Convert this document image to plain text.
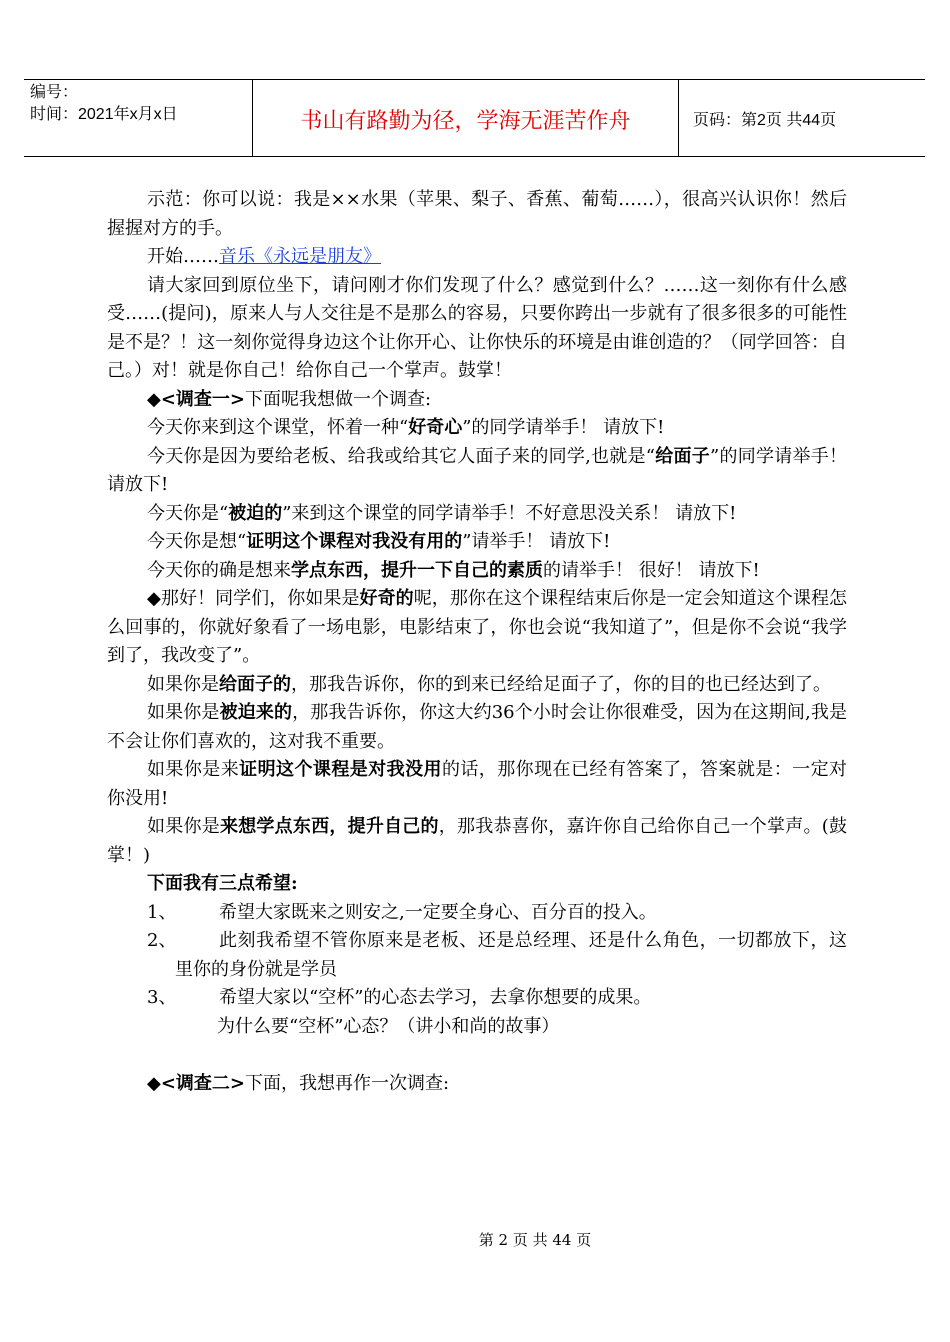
编号：
时间：2021年x月x日	书山有路勤为径，学海无涯苦作舟	页码：第2页 共44页

示范：你可以说：我是××水果（苹果、梨子、香蕉、葡萄……），很高兴认识你！然后握握对方的手。

开始……音乐《永远是朋友》

请大家回到原位坐下，请问刚才你们发现了什么？感觉到什么？……这一刻你有什么感受……(提问)，原来人与人交往是不是那么的容易，只要你跨出一步就有了很多很多的可能性是不是？！这一刻你觉得身边这个让你开心、让你快乐的环境是由谁创造的？（同学回答：自己。）对！就是你自己！给你自己一个掌声。鼓掌！

◆<调查一>下面呢我想做一个调查:

今天你来到这个课堂，怀着一种“好奇心”的同学请举手！ 请放下!

今天你是因为要给老板、给我或给其它人面子来的同学,也就是“给面子”的同学请举手！ 请放下!

今天你是“被迫的”来到这个课堂的同学请举手！不好意思没关系！ 请放下!

今天你是想“证明这个课程对我没有用的”请举手！ 请放下!

今天你的确是想来学点东西，提升一下自己的素质的请举手！ 很好！ 请放下!

◆那好！同学们，你如果是好奇的呢，那你在这个课程结束后你是一定会知道这个课程怎么回事的，你就好象看了一场电影，电影结束了，你也会说“我知道了”，但是你不会说“我学到了，我改变了”。

如果你是给面子的，那我告诉你，你的到来已经给足面子了，你的目的也已经达到了。

如果你是被迫来的，那我告诉你，你这大约36个小时会让你很难受，因为在这期间,我是不会让你们喜欢的，这对我不重要。

如果你是来证明这个课程是对我没用的话，那你现在已经有答案了，答案就是：一定对你没用!

如果你是来想学点东西，提升自己的，那我恭喜你，嘉许你自己给你自己一个掌声。(鼓掌！)

下面我有三点希望:

1、	希望大家既来之则安之,一定要全身心、百分百的投入。
2、	此刻我希望不管你原来是老板、还是总经理、还是什么角色，一切都放下，这里你的身份就是学员
3、	希望大家以“空杯”的心态去学习，去拿你想要的成果。

为什么要“空杯”心态？（讲小和尚的故事）

◆<调查二>下面，我想再作一次调查:

第 2 页 共 44 页
